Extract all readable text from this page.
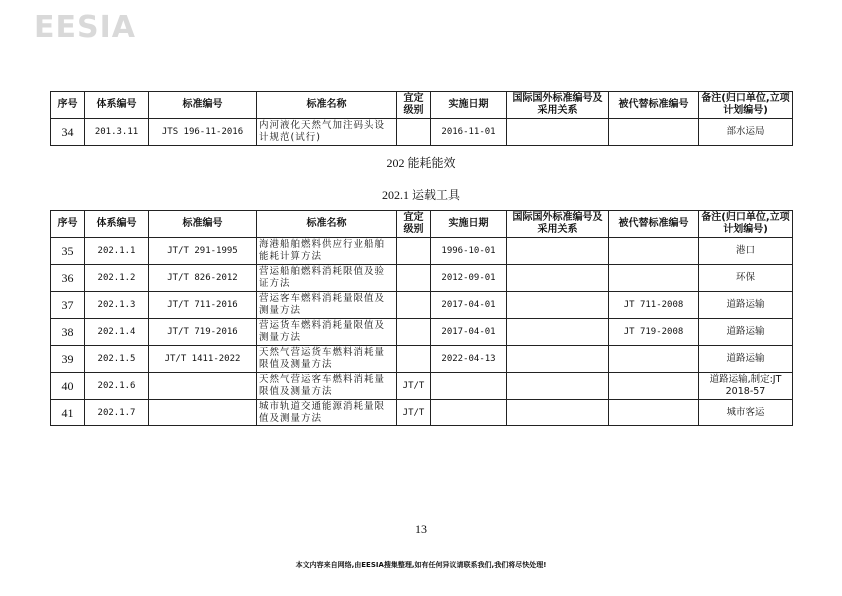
EESIA
序号	体系编号	标准编号	标准名称	宜定级别	实施日期	国际国外标准编号及采用关系	被代替标准编号	备注(归口单位,立项计划编号)
34	201.3.11	JTS 196-11-2016	内河液化天然气加注码头设计规范(试行)		2016-11-01			部水运局
202 能耗能效
202.1 运载工具
序号	体系编号	标准编号	标准名称	宜定级别	实施日期	国际国外标准编号及采用关系	被代替标准编号	备注(归口单位,立项计划编号)
35	202.1.1	JT/T 291-1995	海港船舶燃料供应行业船舶能耗计算方法		1996-10-01			港口
36	202.1.2	JT/T 826-2012	营运船舶燃料消耗限值及验证方法		2012-09-01			环保
37	202.1.3	JT/T 711-2016	营运客车燃料消耗量限值及测量方法		2017-04-01		JT 711-2008	道路运输
38	202.1.4	JT/T 719-2016	营运货车燃料消耗量限值及测量方法		2017-04-01		JT 719-2008	道路运输
39	202.1.5	JT/T 1411-2022	天然气营运货车燃料消耗量限值及测量方法		2022-04-13			道路运输
40	202.1.6		天然气营运客车燃料消耗量限值及测量方法	JT/T				道路运输,制定:JT 2018-57
41	202.1.7		城市轨道交通能源消耗量限值及测量方法	JT/T				城市客运
13
本文内容来自网络,由EESIA搜集整理,如有任何异议请联系我们,我们将尽快处理!
